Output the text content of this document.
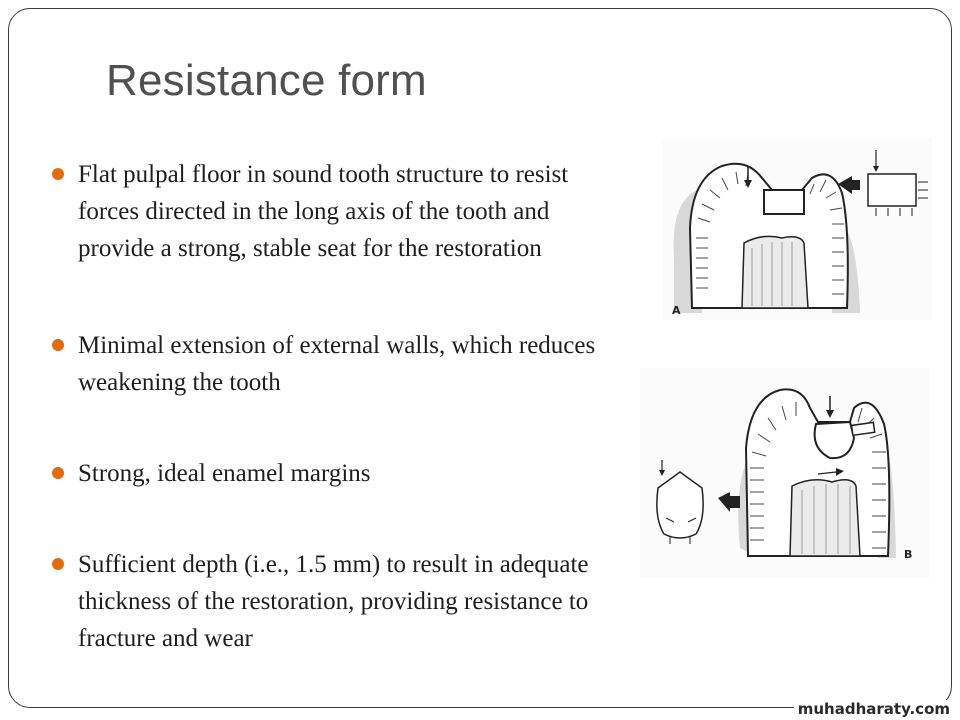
Resistance form
Flat pulpal floor in sound tooth structure to resist forces directed in the long axis of the tooth and provide a strong, stable seat for the restoration
Minimal extension of external walls, which reduces weakening the tooth
Strong, ideal enamel margins
Sufficient depth (i.e., 1.5 mm) to result in adequate thickness of the restoration, providing resistance to fracture and wear
A
B
muhadharaty.com
